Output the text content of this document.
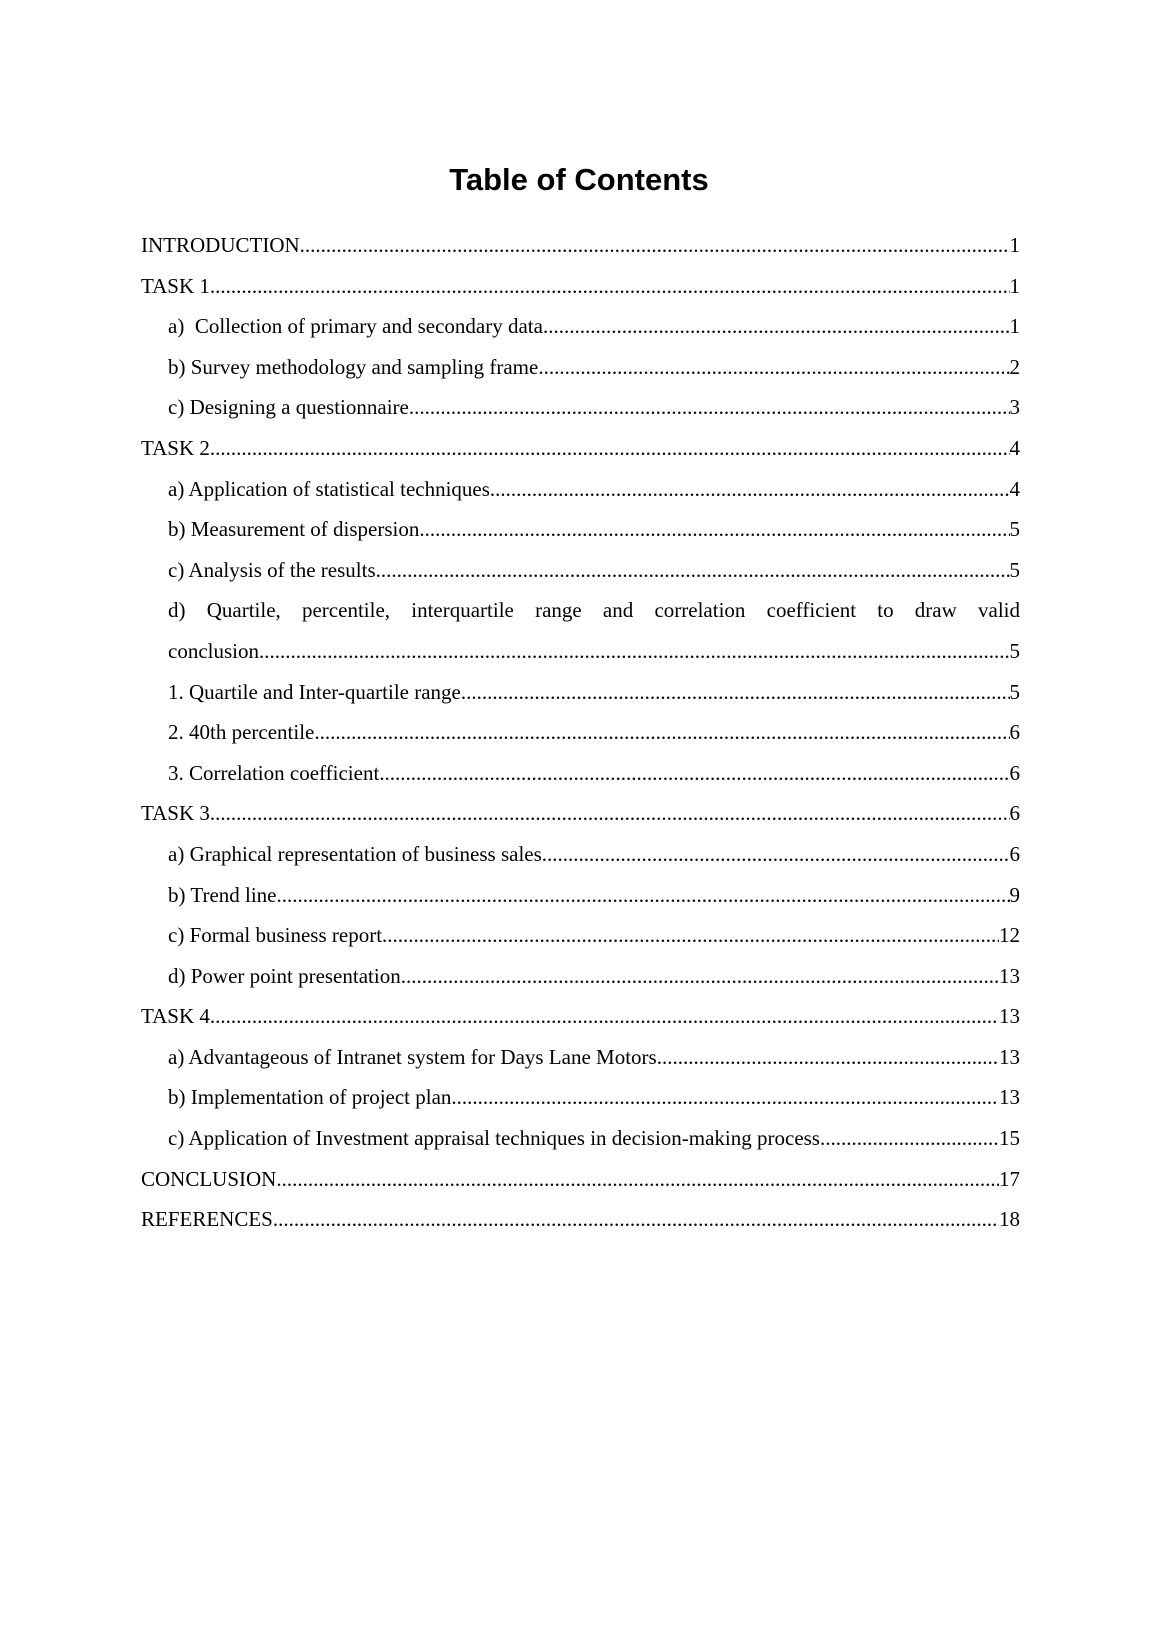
Table of Contents
INTRODUCTION .....	1
TASK 1 .....	1
a)  Collection of primary and secondary data .....	1
b) Survey methodology and sampling frame .....	2
c) Designing a questionnaire .....	3
TASK 2 .....	4
a) Application of statistical techniques .....	4
b) Measurement of dispersion .....	5
c) Analysis of the results .....	5
d) Quartile, percentile, interquartile range and correlation coefficient to draw valid
conclusion .....	5
1. Quartile and Inter-quartile range .....	5
2. 40th percentile .....	6
3. Correlation coefficient .....	6
TASK 3 .....	6
a) Graphical representation of business sales .....	6
b) Trend line .....	9
c) Formal business report .....	12
d) Power point presentation .....	13
TASK 4 .....	13
a) Advantageous of Intranet system for Days Lane Motors .....	13
b) Implementation of project plan .....	13
c) Application of Investment appraisal techniques in decision-making process .....	15
CONCLUSION .....	17
REFERENCES .....	18
